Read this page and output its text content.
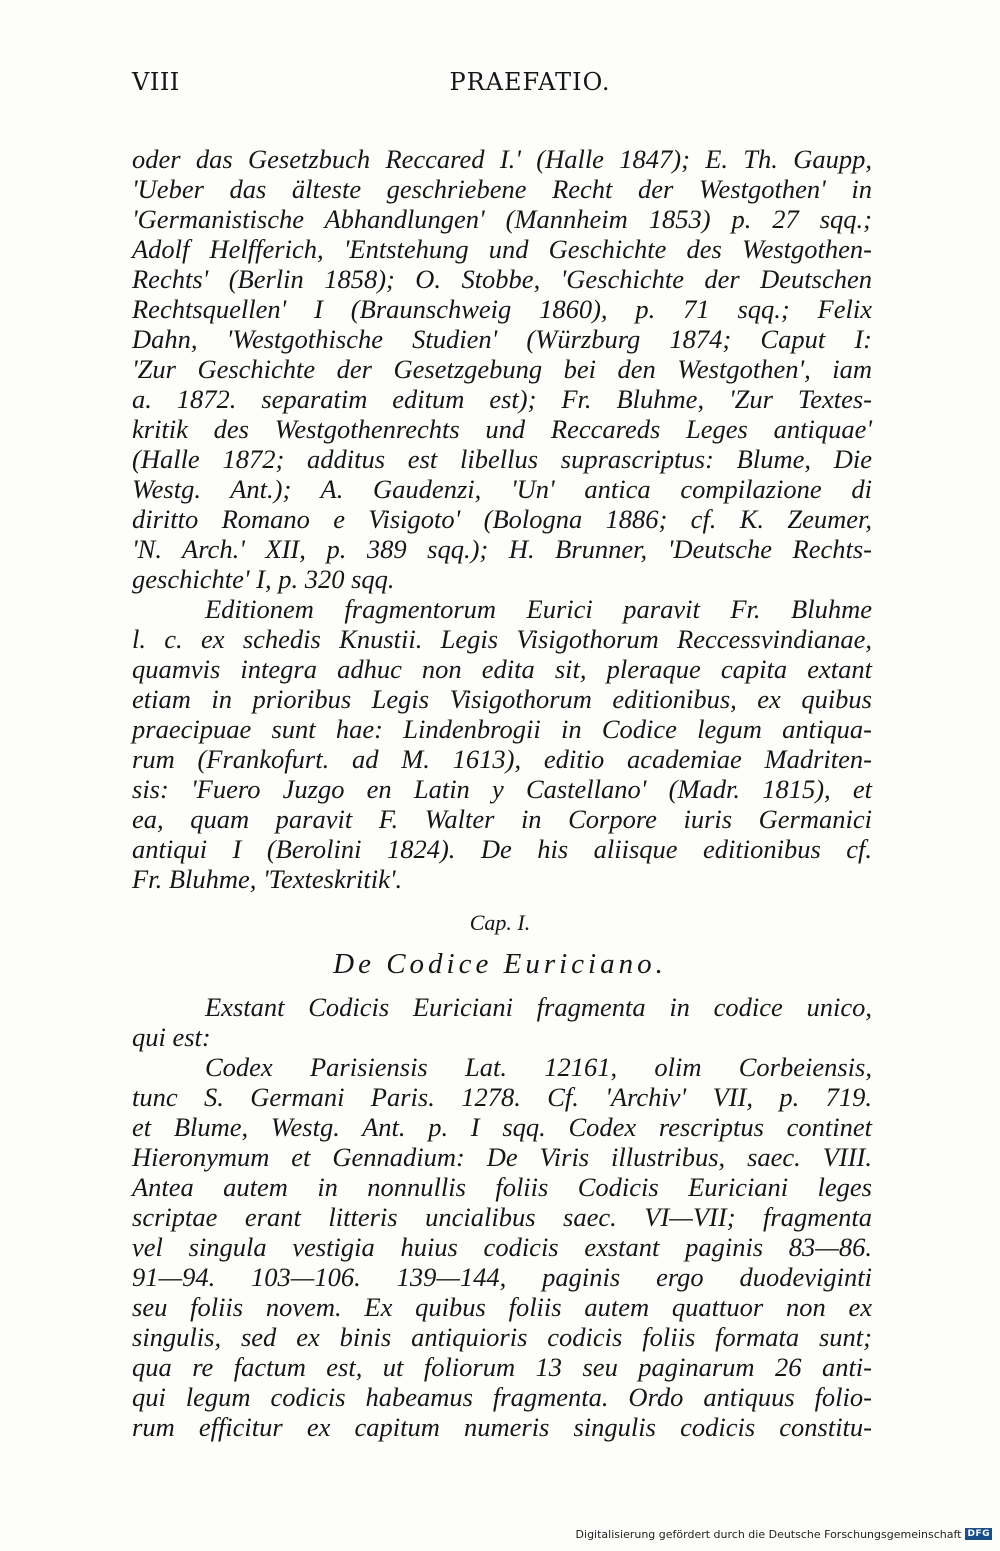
VIII	PRAEFATIO.
oder das Gesetzbuch Reccared I.' (Halle 1847); E. Th. Gaupp,
'Ueber das älteste geschriebene Recht der Westgothen' in
'Germanistische Abhandlungen' (Mannheim 1853) p. 27 sqq.;
Adolf Helfferich, 'Entstehung und Geschichte des Westgothen-
Rechts' (Berlin 1858); O. Stobbe, 'Geschichte der Deutschen
Rechtsquellen' I (Braunschweig 1860), p. 71 sqq.; Felix
Dahn, 'Westgothische Studien' (Würzburg 1874; Caput I:
'Zur Geschichte der Gesetzgebung bei den Westgothen', iam
a. 1872. separatim editum est); Fr. Bluhme, 'Zur Textes-
kritik des Westgothenrechts und Reccareds Leges antiquae'
(Halle 1872; additus est libellus suprascriptus: Blume, Die
Westg. Ant.); A. Gaudenzi, 'Un' antica compilazione di
diritto Romano e Visigoto' (Bologna 1886; cf. K. Zeumer,
'N. Arch.' XII, p. 389 sqq.); H. Brunner, 'Deutsche Rechts-
geschichte' I, p. 320 sqq.
Editionem fragmentorum Eurici paravit Fr. Bluhme
l. c. ex schedis Knustii. Legis Visigothorum Reccessvindianae,
quamvis integra adhuc non edita sit, pleraque capita extant
etiam in prioribus Legis Visigothorum editionibus, ex quibus
praecipuae sunt hae: Lindenbrogii in Codice legum antiqua-
rum (Frankofurt. ad M. 1613), editio academiae Madriten-
sis: 'Fuero Juzgo en Latin y Castellano' (Madr. 1815), et
ea, quam paravit F. Walter in Corpore iuris Germanici
antiqui I (Berolini 1824). De his aliisque editionibus cf.
Fr. Bluhme, 'Texteskritik'.
Cap. I.
De Codice Euriciano.
Exstant Codicis Euriciani fragmenta in codice unico,
qui est:
Codex Parisiensis Lat. 12161, olim Corbeiensis,
tunc S. Germani Paris. 1278. Cf. 'Archiv' VII, p. 719.
et Blume, Westg. Ant. p. I sqq. Codex rescriptus continet
Hieronymum et Gennadium: De Viris illustribus, saec. VIII.
Antea autem in nonnullis foliis Codicis Euriciani leges
scriptae erant litteris uncialibus saec. VI—VII; fragmenta
vel singula vestigia huius codicis exstant paginis 83—86.
91—94. 103—106. 139—144, paginis ergo duodeviginti
seu foliis novem. Ex quibus foliis autem quattuor non ex
singulis, sed ex binis antiquioris codicis foliis formata sunt;
qua re factum est, ut foliorum 13 seu paginarum 26 anti-
qui legum codicis habeamus fragmenta. Ordo antiquus folio-
rum efficitur ex capitum numeris singulis codicis constitu-
Digitalisierung gefördert durch die Deutsche Forschungsgemeinschaft DFG
